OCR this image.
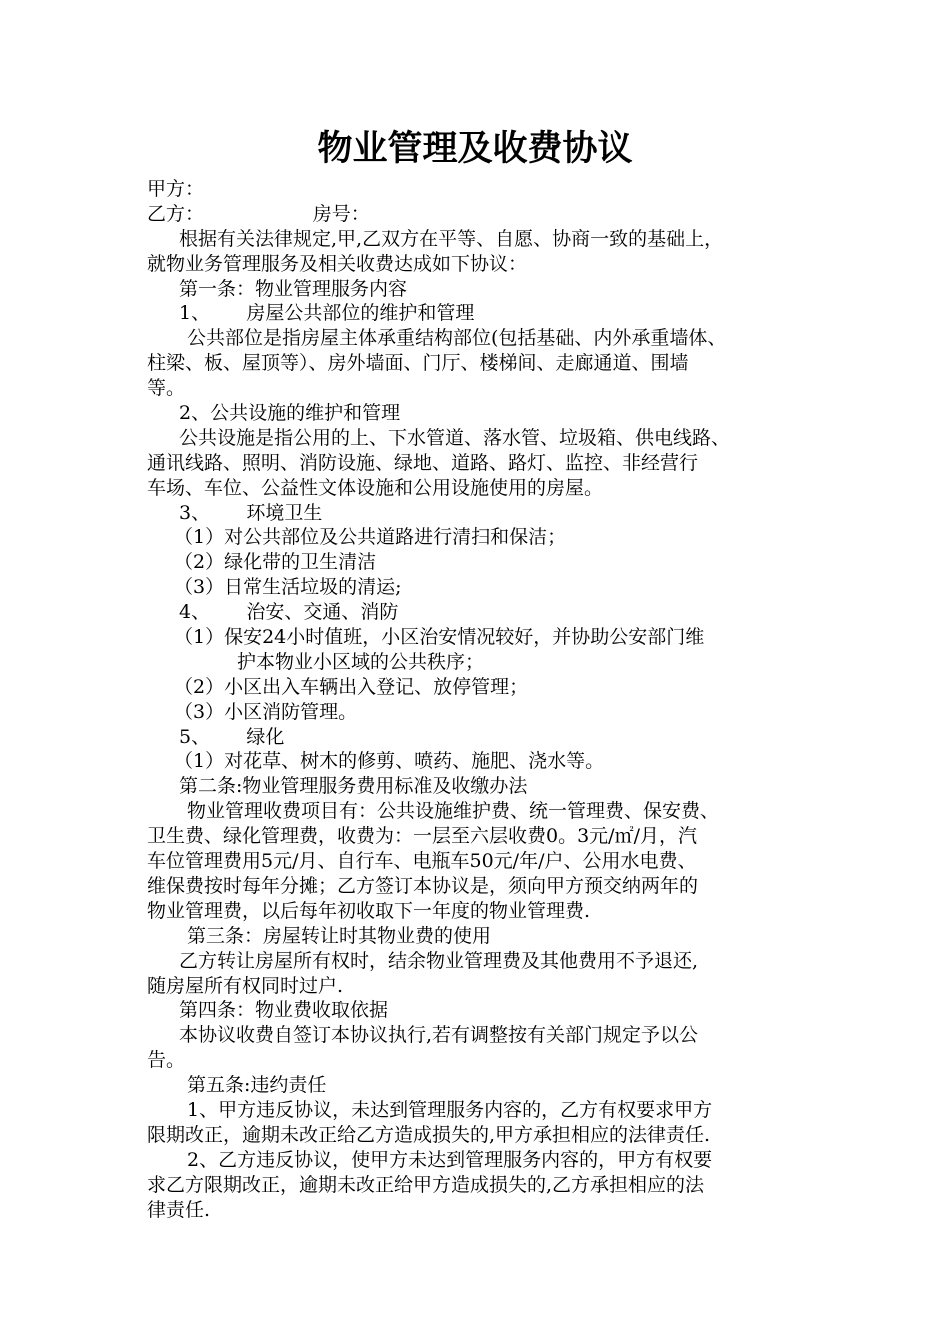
物业管理及收费协议
甲方：
乙方：                  房号：
根据有关法律规定,甲,乙双方在平等、自愿、协商一致的基础上，
就物业务管理服务及相关收费达成如下协议：
第一条：物业管理服务内容
1、      房屋公共部位的维护和管理
公共部位是指房屋主体承重结构部位(包括基础、内外承重墙体、
柱梁、板、屋顶等）、房外墙面、门厅、楼梯间、走廊通道、围墙
等。
2、公共设施的维护和管理
公共设施是指公用的上、下水管道、落水管、垃圾箱、供电线路、
通讯线路、照明、消防设施、绿地、道路、路灯、监控、非经营行
车场、车位、公益性文体设施和公用设施使用的房屋。
3、      环境卫生
（1）对公共部位及公共道路进行清扫和保洁；
（2）绿化带的卫生清洁
（3）日常生活垃圾的清运;
4、      治安、交通、消防
（1）保安24小时值班，小区治安情况较好，并协助公安部门维
护本物业小区域的公共秩序；
（2）小区出入车辆出入登记、放停管理；
（3）小区消防管理。
5、      绿化
（1）对花草、树木的修剪、喷药、施肥、浇水等。
第二条:物业管理服务费用标准及收缴办法
物业管理收费项目有：公共设施维护费、统一管理费、保安费、
卫生费、绿化管理费，收费为：一层至六层收费0。3元/㎡/月，汽
车位管理费用5元/月、自行车、电瓶车50元/年/户、公用水电费、
维保费按时每年分摊；乙方签订本协议是，须向甲方预交纳两年的
物业管理费，以后每年初收取下一年度的物业管理费.
第三条：房屋转让时其物业费的使用
乙方转让房屋所有权时，结余物业管理费及其他费用不予退还,
随房屋所有权同时过户.
第四条：物业费收取依据
本协议收费自签订本协议执行,若有调整按有关部门规定予以公
告。
第五条:违约责任
1、甲方违反协议，未达到管理服务内容的，乙方有权要求甲方
限期改正，逾期未改正给乙方造成损失的,甲方承担相应的法律责任.
2、乙方违反协议，使甲方未达到管理服务内容的，甲方有权要
求乙方限期改正，逾期未改正给甲方造成损失的,乙方承担相应的法
律责任.
